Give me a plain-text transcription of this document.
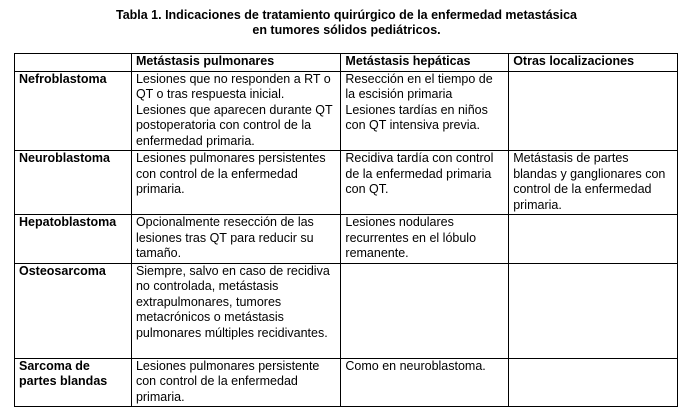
Tabla 1. Indicaciones de tratamiento quirúrgico de la enfermedad metastásica
en tumores sólidos pediátricos.
	Metástasis pulmonares	Metástasis hepáticas	Otras localizaciones
Nefroblastoma	Lesiones que no responden a RT o QT o tras respuesta inicial. Lesiones que aparecen durante QT postoperatoria con control de la enfermedad primaria.	Resección en el tiempo de la escisión primaria Lesiones tardías en niños con QT intensiva previa.	
Neuroblastoma	Lesiones pulmonares persistentes con control de la enfermedad primaria.	Recidiva tardía con control de la enfermedad primaria con QT.	Metástasis de partes blandas y ganglionares con control de la enfermedad primaria.
Hepatoblastoma	Opcionalmente resección de las lesiones tras QT para reducir su tamaño.	Lesiones nodulares recurrentes en el lóbulo remanente.	
Osteosarcoma	Siempre, salvo en caso de recidiva no controlada, metástasis extrapulmonares, tumores metacrónicos o metástasis pulmonares múltiples recidivantes.		
Sarcoma de partes blandas	Lesiones pulmonares persistente con control de la enfermedad primaria.	Como en neuroblastoma.	
